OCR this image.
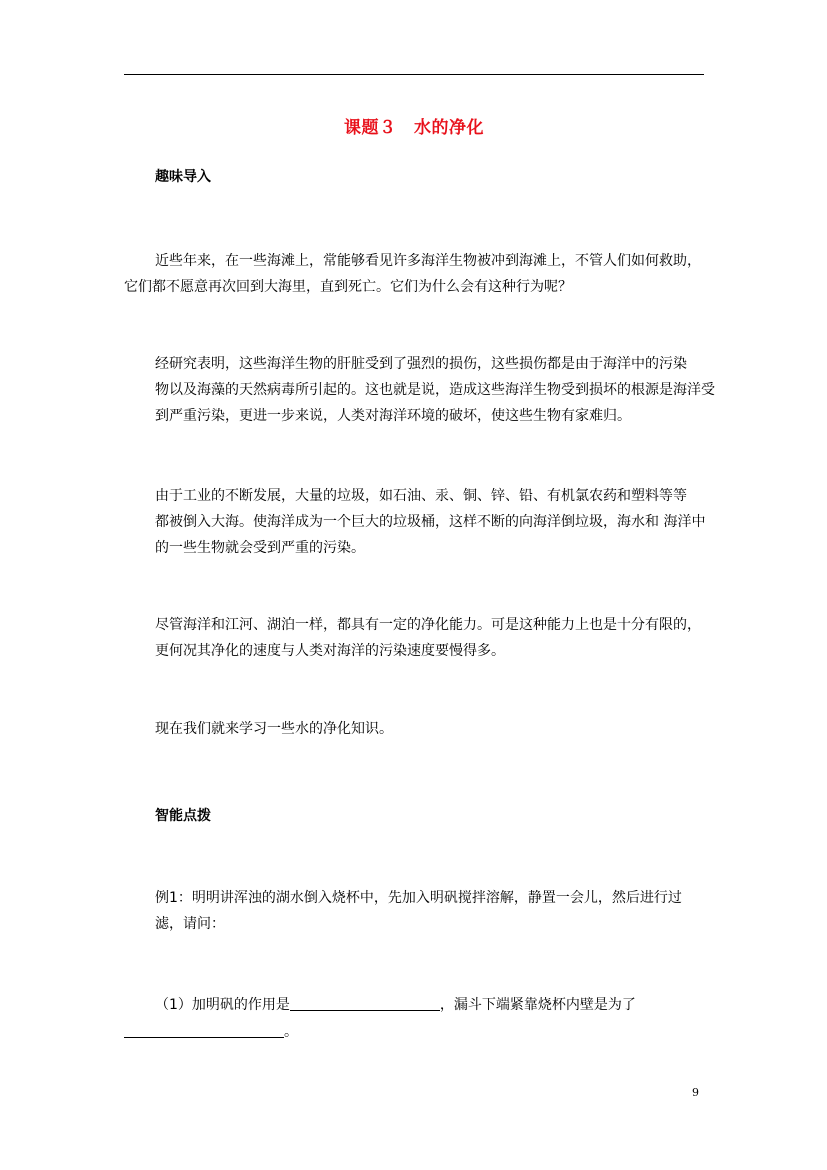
课题３　水的净化
趣味导入
近些年来，在一些海滩上，常能够看见许多海洋生物被冲到海滩上，不管人们如何救助，
它们都不愿意再次回到大海里，直到死亡。它们为什么会有这种行为呢？
经研究表明，这些海洋生物的肝脏受到了强烈的损伤，这些损伤都是由于海洋中的污染
物以及海藻的天然病毒所引起的。这也就是说，造成这些海洋生物受到损坏的根源是海洋受
到严重污染，更进一步来说，人类对海洋环境的破坏，使这些生物有家难归。
由于工业的不断发展，大量的垃圾，如石油、汞、铜、锌、铅、有机氯农药和塑料等等
都被倒入大海。使海洋成为一个巨大的垃圾桶，这样不断的向海洋倒垃圾，海水和 海洋中
的一些生物就会受到严重的污染。
尽管海洋和江河、湖泊一样，都具有一定的净化能力。可是这种能力上也是十分有限的，
更何况其净化的速度与人类对海洋的污染速度要慢得多。
现在我们就来学习一些水的净化知识。
智能点拨
例1：明明讲浑浊的湖水倒入烧杯中，先加入明矾搅拌溶解，静置一会儿，然后进行过
滤，请问：
（1）加明矾的作用是	，漏斗下端紧靠烧杯内壁是为了
。
9
